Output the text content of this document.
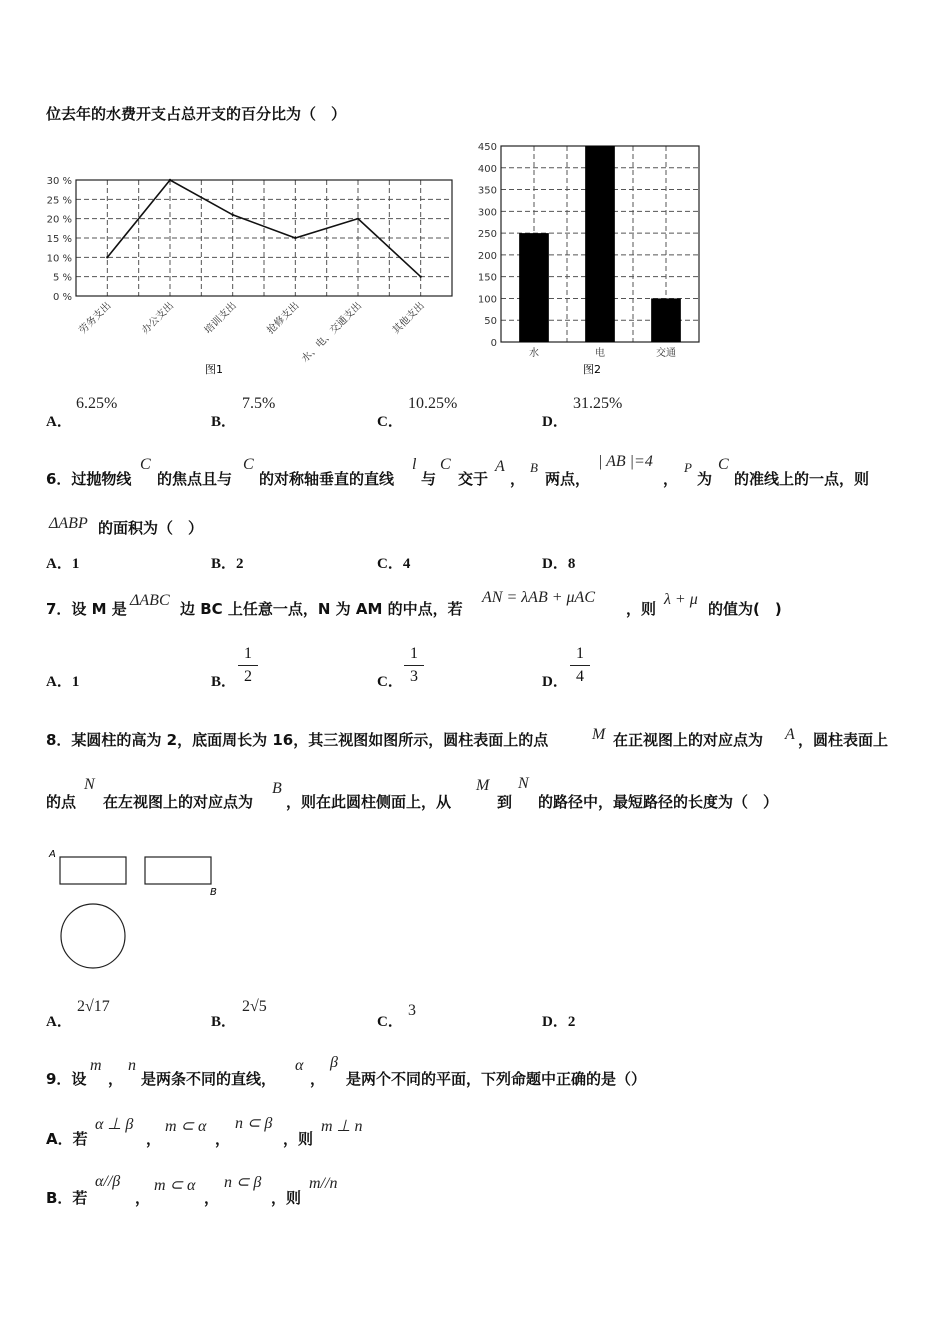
位去年的水费开支占总开支的百分比为（　）
30 %
25 %
20 %
15 %
10 %
5 %
0 %
劳务支出	办公支出	培训支出	抢修支出
水、电、交通支出	其他支出
图1
450
400
350
300
250
200
150
100
50
0
水	电	交通
图2
A．
6.25%
B．
7.5%
C．
10.25%
D．
31.25%
6．过抛物线
C
的焦点且与
C
的对称轴垂直的直线
l
与
C
交于
A
，
B
两点，
| AB |=4
，
P
为
C
的准线上的一点，则
ΔABP 的面积为（　）
A．1	B．2	C．4	D．8
7．设 M 是 ΔABC 边 BC 上任意一点，N 为 AM 的中点，若
AN = λAB + μAC
，则
λ + μ
的值为(　)
A．1	B．
1
2	C．
1
3	D．
1
4
8．某圆柱的高为 2，底面周长为 16，其三视图如图所示，圆柱表面上的点	M 在正视图上的对应点为 A ，圆柱表面上
的点
N
在左视图上的对应点为
B
，则在此圆柱侧面上，从
M
到
N
的路径中，最短路径的长度为（　）
A
B
A．
2√17
B．
2√5
C．
3
D．2
9．设
m
，
n
是两条不同的直线，
α
，
β
是两个不同的平面，下列命题中正确的是（）
A．若
α ⊥ β
，
m ⊂ α
，
n ⊂ β
，则
m ⊥ n
B．若
α//β
，
m ⊂ α
，
n ⊂ β
，则
m//n
